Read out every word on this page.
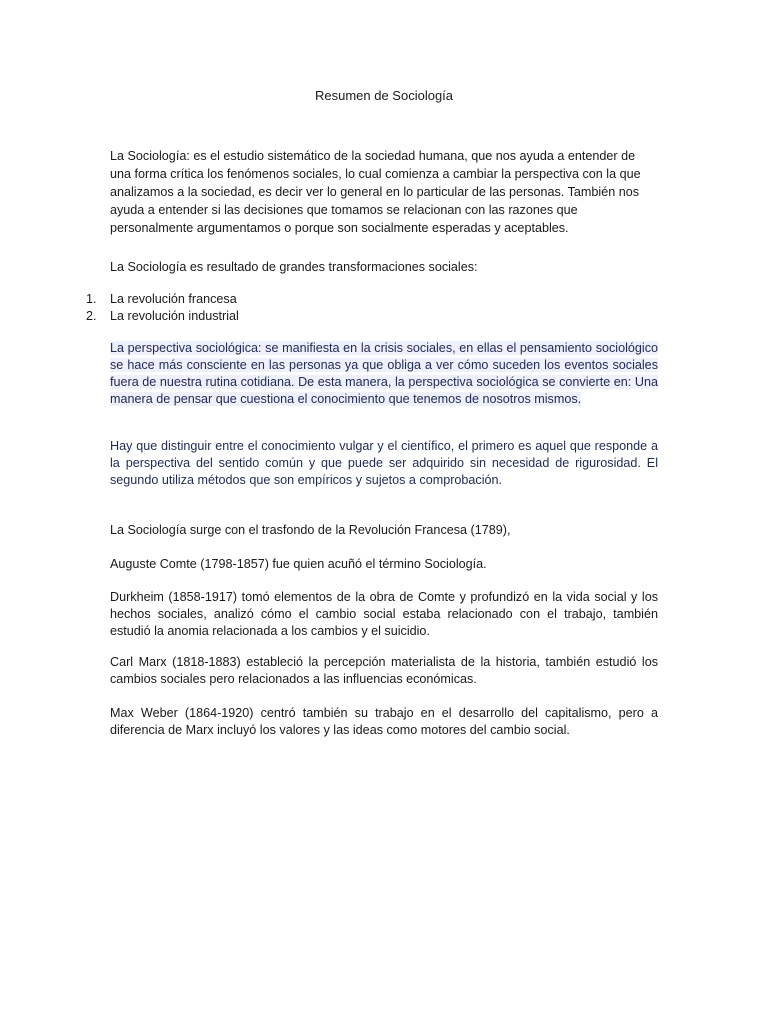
Resumen de Sociología

La Sociología: es el estudio sistemático de la sociedad humana, que nos ayuda a entender de una forma crítica los fenómenos sociales, lo cual comienza a cambiar la perspectiva con la que analizamos a la sociedad, es decir ver lo general en lo particular de las personas. También nos ayuda a entender si las decisiones que tomamos se relacionan con las razones que personalmente argumentamos o porque son socialmente esperadas y aceptables.

La Sociología es resultado de grandes transformaciones sociales:

1. La revolución francesa
2. La revolución industrial

La perspectiva sociológica: se manifiesta en la crisis sociales, en ellas el pensamiento sociológico se hace más consciente en las personas ya que obliga a ver cómo suceden los eventos sociales fuera de nuestra rutina cotidiana. De esta manera, la perspectiva sociológica se convierte en: Una manera de pensar que cuestiona el conocimiento que tenemos de nosotros mismos.

Hay que distinguir entre el conocimiento vulgar y el científico, el primero es aquel que responde a la perspectiva del sentido común y que puede ser adquirido sin necesidad de rigurosidad. El segundo utiliza métodos que son empíricos y sujetos a comprobación.

La Sociología surge con el trasfondo de la Revolución Francesa (1789),

Auguste Comte (1798-1857) fue quien acuñó el término Sociología.

Durkheim (1858-1917) tomó elementos de la obra de Comte y profundizó en la vida social y los hechos sociales, analizó cómo el cambio social estaba relacionado con el trabajo, también estudió la anomia relacionada a los cambios y el suicidio.

Carl Marx (1818-1883) estableció la percepción materialista de la historia, también estudió los cambios sociales pero relacionados a las influencias económicas.

Max Weber (1864-1920) centró también su trabajo en el desarrollo del capitalismo, pero a diferencia de Marx incluyó los valores y las ideas como motores del cambio social.
